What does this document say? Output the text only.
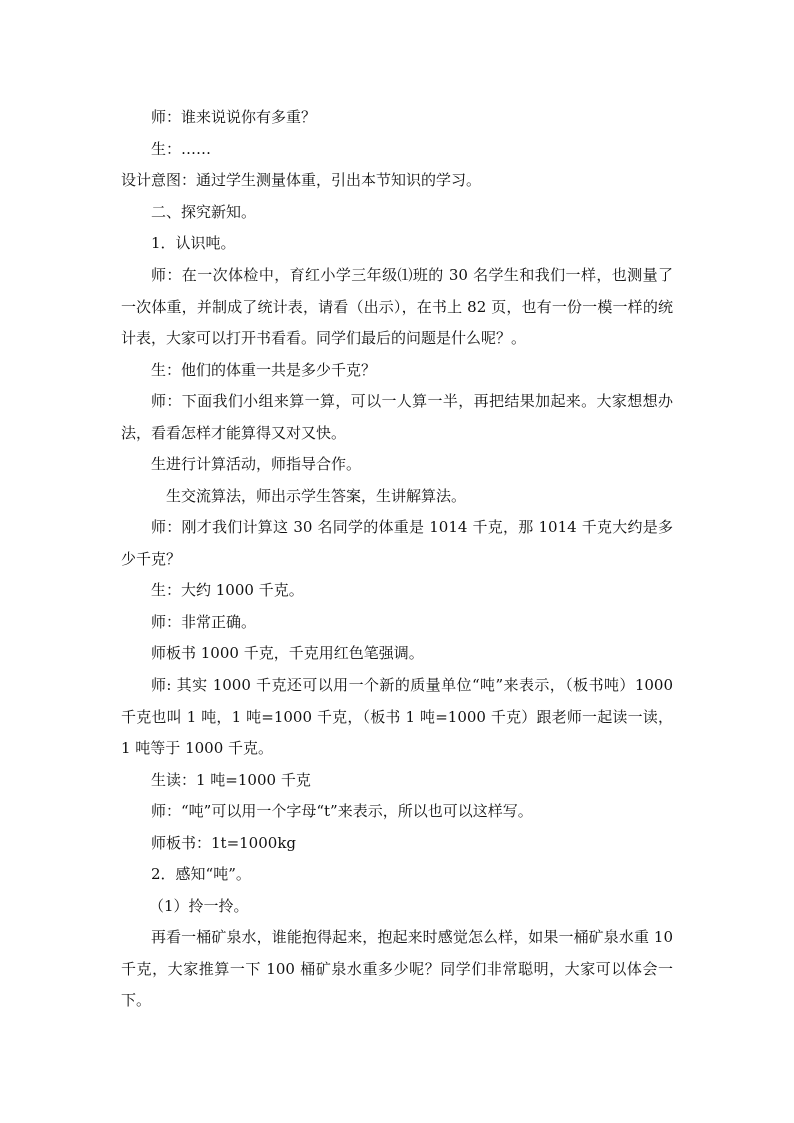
师：谁来说说你有多重？

生：……

设计意图：通过学生测量体重，引出本节知识的学习。

二、探究新知。

1．认识吨。

师：在一次体检中，育红小学三年级⑴班的 30 名学生和我们一样，也测量了一次体重，并制成了统计表，请看（出示），在书上 82 页，也有一份一模一样的统计表，大家可以打开书看看。同学们最后的问题是什么呢？。

生：他们的体重一共是多少千克？

师：下面我们小组来算一算，可以一人算一半，再把结果加起来。大家想想办法，看看怎样才能算得又对又快。

生进行计算活动，师指导合作。

生交流算法，师出示学生答案，生讲解算法。

师：刚才我们计算这 30 名同学的体重是 1014 千克，那 1014 千克大约是多少千克？

生：大约 1000 千克。

师：非常正确。

师板书 1000 千克，千克用红色笔强调。

师: 其实 1000 千克还可以用一个新的质量单位“吨”来表示，（板书吨）1000 千克也叫 1 吨，1 吨=1000 千克，（板书 1 吨=1000 千克）跟老师一起读一读，1 吨等于 1000 千克。

生读：1 吨=1000 千克

师：“吨”可以用一个字母“t”来表示，所以也可以这样写。

师板书：1t=1000kg

2．感知“吨”。

（1）拎一拎。

再看一桶矿泉水，谁能抱得起来，抱起来时感觉怎么样，如果一桶矿泉水重 10 千克，大家推算一下 100 桶矿泉水重多少呢？同学们非常聪明，大家可以体会一下。
